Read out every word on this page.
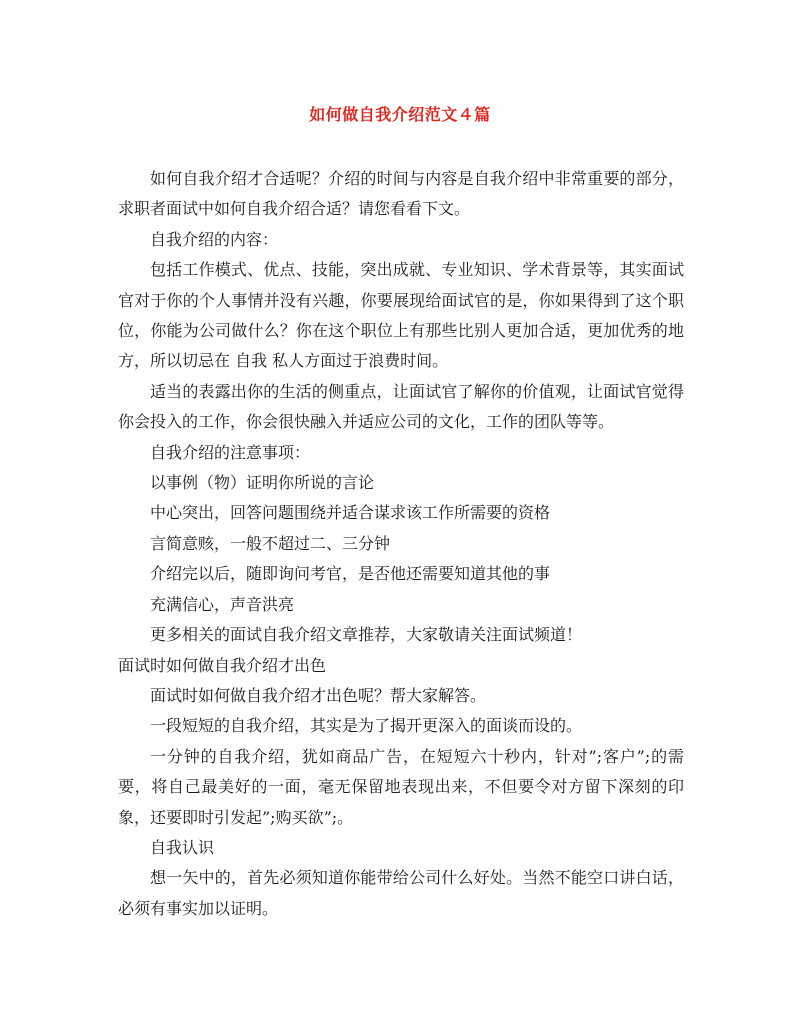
如何做自我介绍范文４篇

如何自我介绍才合适呢？介绍的时间与内容是自我介绍中非常重要的部分，求职者面试中如何自我介绍合适？请您看看下文。

自我介绍的内容：

包括工作模式、优点、技能，突出成就、专业知识、学术背景等，其实面试官对于你的个人事情并没有兴趣，你要展现给面试官的是，你如果得到了这个职位，你能为公司做什么？你在这个职位上有那些比别人更加合适，更加优秀的地方，所以切忌在 自我 私人方面过于浪费时间。

适当的表露出你的生活的侧重点，让面试官了解你的价值观，让面试官觉得你会投入的工作，你会很快融入并适应公司的文化，工作的团队等等。

自我介绍的注意事项：

以事例（物）证明你所说的言论

中心突出，回答问题围绕并适合谋求该工作所需要的资格

言简意赅，一般不超过二、三分钟

介绍完以后，随即询问考官，是否他还需要知道其他的事

充满信心，声音洪亮

更多相关的面试自我介绍文章推荐，大家敬请关注面试频道！

面试时如何做自我介绍才出色

面试时如何做自我介绍才出色呢？帮大家解答。

一段短短的自我介绍，其实是为了揭开更深入的面谈而设的。

一分钟的自我介绍，犹如商品广告，在短短六十秒内，针对”;客户”;的需要，将自己最美好的一面，毫无保留地表现出来，不但要令对方留下深刻的印象，还要即时引发起”;购买欲”;。

自我认识

想一矢中的，首先必须知道你能带给公司什么好处。当然不能空口讲白话，必须有事实加以证明。
